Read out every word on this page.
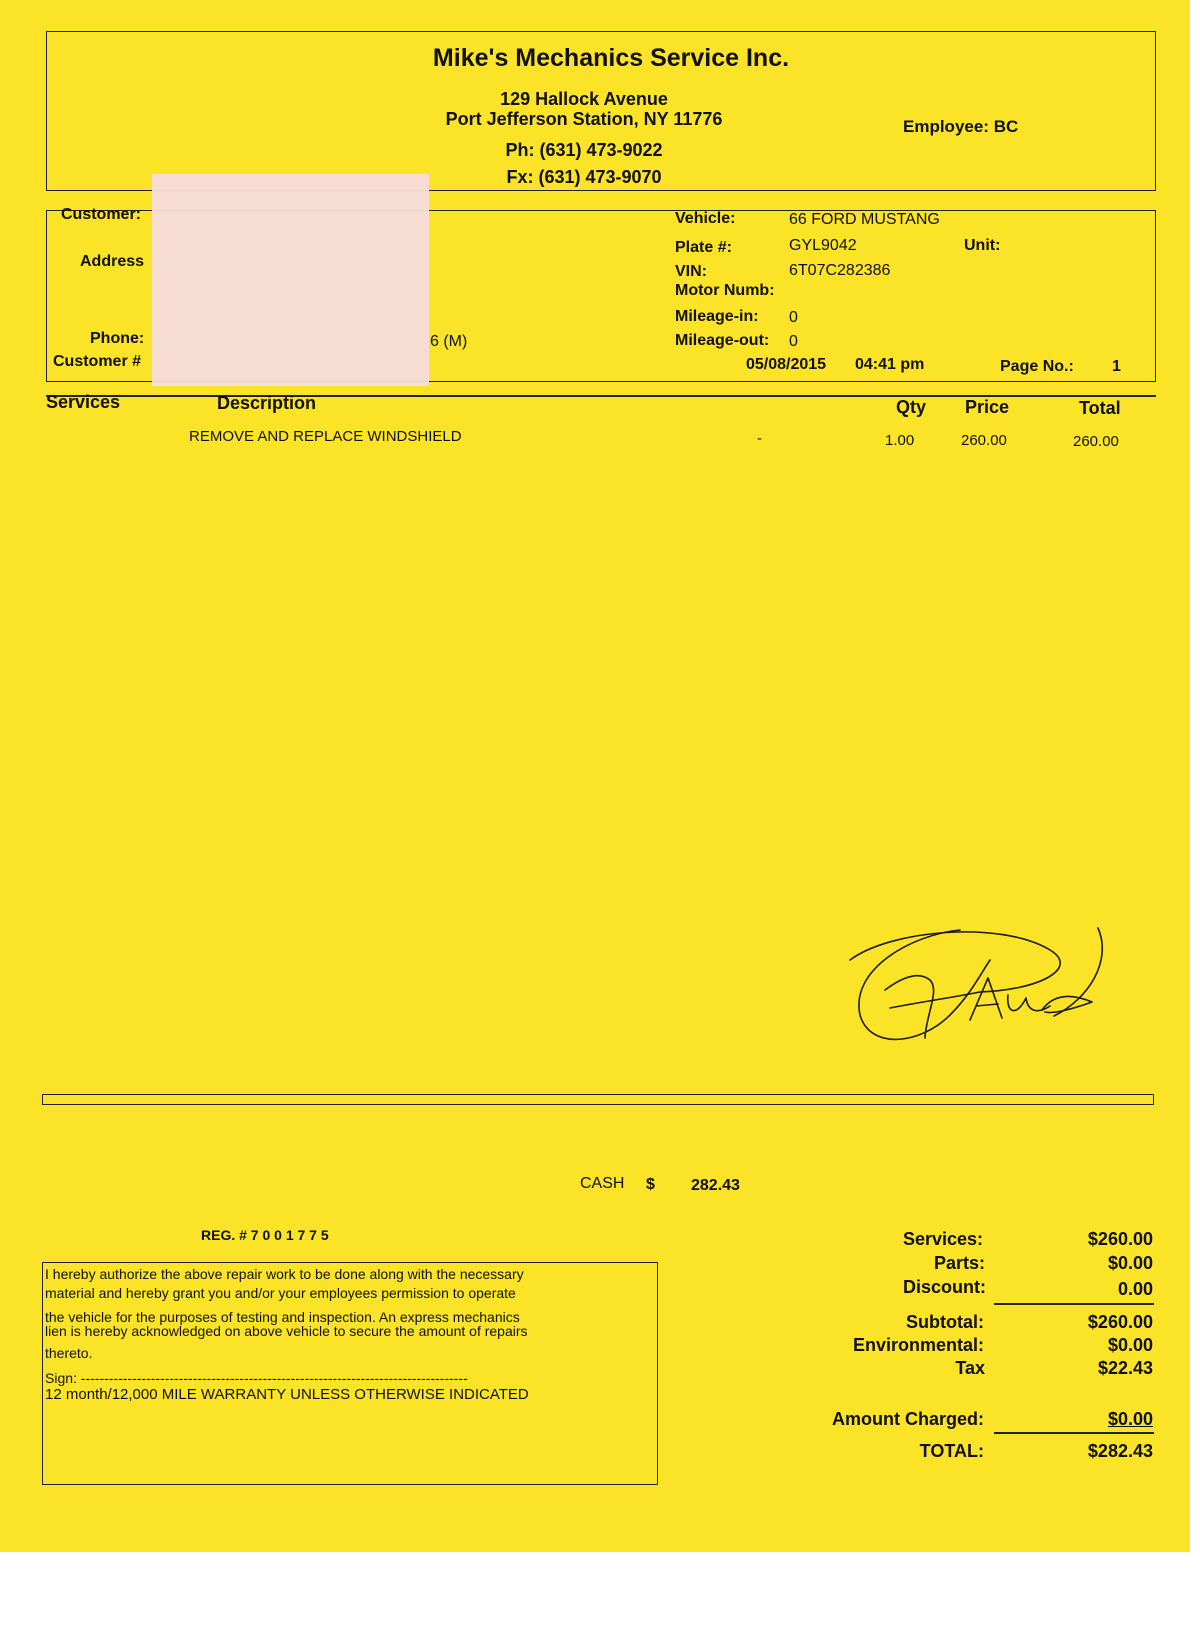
Mike's Mechanics Service Inc.
129 Hallock Avenue
Port Jefferson Station, NY 11776
Ph: (631) 473-9022
Fx: (631) 473-9070
Employee: BC
Customer:
Address
Phone:	6 (M)
Customer #
Vehicle:	66 FORD MUSTANG
Plate #:	GYL9042	Unit:
VIN:	6T07C282386
Motor Numb:
Mileage-in: 0
Mileage-out: 0
05/08/2015 04:41 pm	Page No.: 1
Services	Description	Qty Price	Total
REMOVE AND REPLACE WINDSHIELD	-	1.00	260.00	260.00
CASH $ 282.43
REG. # 7 0 0 1 7 7 5
I hereby authorize the above repair work to be done along with the necessary
material and hereby grant you and/or your employees permission to operate
the vehicle for the purposes of testing and inspection. An express mechanics
lien is hereby acknowledged on above vehicle to secure the amount of repairs
thereto.
Sign: -----------------------------------------------------------------------------------
12 month/12,000 MILE WARRANTY UNLESS OTHERWISE INDICATED
Services:	$260.00
Parts:	$0.00
Discount:	0.00
Subtotal:	$260.00
Environmental:	$0.00
Tax	$22.43
Amount Charged:	$0.00
TOTAL:	$282.43
